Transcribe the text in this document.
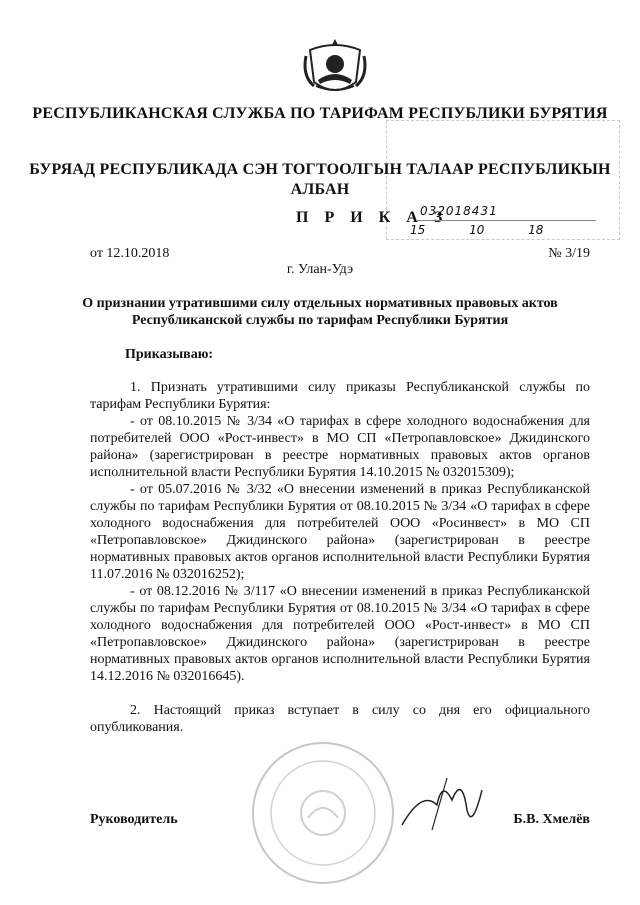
РЕСПУБЛИКАНСКАЯ СЛУЖБА ПО ТАРИФАМ РЕСПУБЛИКИ БУРЯТИЯ
БУРЯАД РЕСПУБЛИКАДА СЭН ТОГТООЛГЫН ТАЛААР РЕСПУБЛИКЫН АЛБАН
П Р И К А З
032018431
15 10 18
от 12.10.2018	№ 3/19
г. Улан-Удэ
О признании утратившими силу отдельных нормативных правовых актов Республиканской службы по тарифам Республики Бурятия
Приказываю:

1. Признать утратившими силу приказы Республиканской службы по тарифам Республики Бурятия:

- от 08.10.2015 № 3/34 «О тарифах в сфере холодного водоснабжения для потребителей ООО «Рост-инвест» в МО СП «Петропавловское» Джидинского района» (зарегистрирован в реестре нормативных правовых актов органов исполнительной власти Республики Бурятия 14.10.2015 № 032015309);

- от 05.07.2016 № 3/32 «О внесении изменений в приказ Республиканской службы по тарифам Республики Бурятия от 08.10.2015 № 3/34 «О тарифах в сфере холодного водоснабжения для потребителей ООО «Росинвест» в МО СП «Петропавловское» Джидинского района» (зарегистрирован в реестре нормативных правовых актов органов исполнительной власти Республики Бурятия 11.07.2016 № 032016252);

- от 08.12.2016 № 3/117 «О внесении изменений в приказ Республиканской службы по тарифам Республики Бурятия от 08.10.2015 № 3/34 «О тарифах в сфере холодного водоснабжения для потребителей ООО «Рост-инвест» в МО СП «Петропавловское» Джидинского района» (зарегистрирован в реестре нормативных правовых актов органов исполнительной власти Республики Бурятия 14.12.2016 № 032016645).

2. Настоящий приказ вступает в силу со дня его официального опубликования.

Руководитель	Б.В. Хмелёв
